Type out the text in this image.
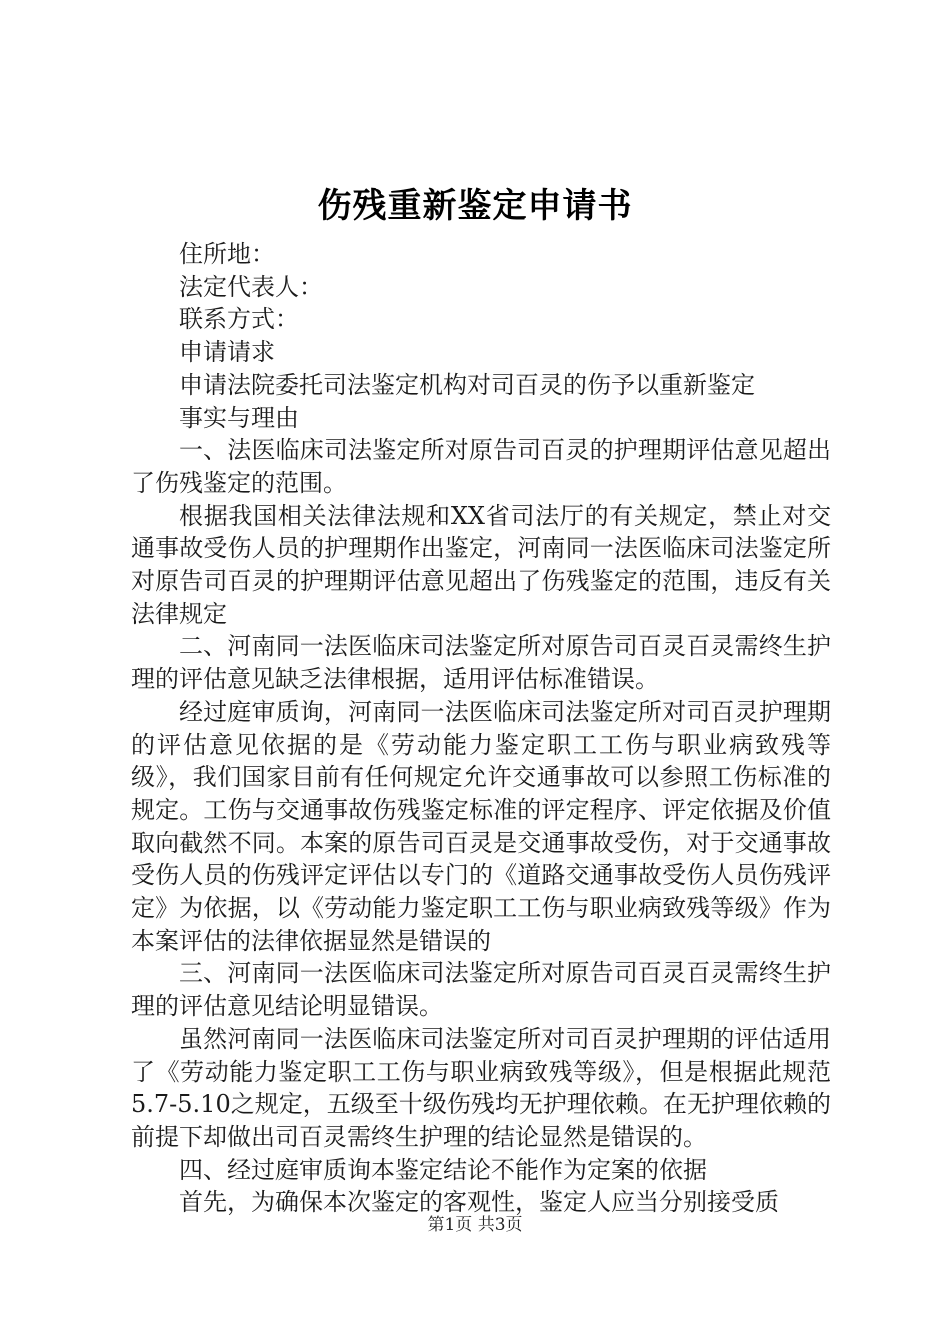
伤残重新鉴定申请书

住所地：

法定代表人：

联系方式：

申请请求

申请法院委托司法鉴定机构对司百灵的伤予以重新鉴定

事实与理由

一、法医临床司法鉴定所对原告司百灵的护理期评估意见超出了伤残鉴定的范围。

根据我国相关法律法规和XX省司法厅的有关规定，禁止对交通事故受伤人员的护理期作出鉴定，河南同一法医临床司法鉴定所对原告司百灵的护理期评估意见超出了伤残鉴定的范围，违反有关法律规定

二、河南同一法医临床司法鉴定所对原告司百灵百灵需终生护理的评估意见缺乏法律根据，适用评估标准错误。

经过庭审质询，河南同一法医临床司法鉴定所对司百灵护理期的评估意见依据的是《劳动能力鉴定职工工伤与职业病致残等级》，我们国家目前有任何规定允许交通事故可以参照工伤标准的规定。工伤与交通事故伤残鉴定标准的评定程序、评定依据及价值取向截然不同。本案的原告司百灵是交通事故受伤，对于交通事故受伤人员的伤残评定评估以专门的《道路交通事故受伤人员伤残评定》为依据，以《劳动能力鉴定职工工伤与职业病致残等级》作为本案评估的法律依据显然是错误的

三、河南同一法医临床司法鉴定所对原告司百灵百灵需终生护理的评估意见结论明显错误。

虽然河南同一法医临床司法鉴定所对司百灵护理期的评估适用了《劳动能力鉴定职工工伤与职业病致残等级》，但是根据此规范5.7-5.10之规定，五级至十级伤残均无护理依赖。在无护理依赖的前提下却做出司百灵需终生护理的结论显然是错误的。

四、经过庭审质询本鉴定结论不能作为定案的依据

首先，为确保本次鉴定的客观性，鉴定人应当分别接受质

第1页 共3页
